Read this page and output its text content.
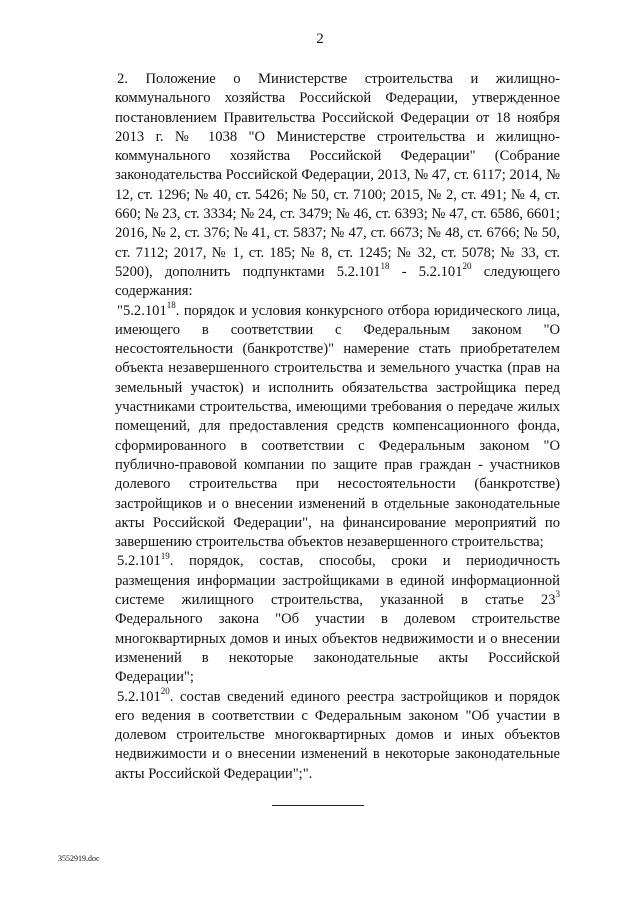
2

2. Положение о Министерстве строительства и жилищно-коммунального хозяйства Российской Федерации, утвержденное постановлением Правительства Российской Федерации от 18 ноября 2013 г. № 1038 "О Министерстве строительства и жилищно-коммунального хозяйства Российской Федерации" (Собрание законодательства Российской Федерации, 2013, № 47, ст. 6117; 2014, № 12, ст. 1296; № 40, ст. 5426; № 50, ст. 7100; 2015, № 2, ст. 491; № 4, ст. 660; № 23, ст. 3334; № 24, ст. 3479; № 46, ст. 6393; № 47, ст. 6586, 6601; 2016, № 2, ст. 376; № 41, ст. 5837; № 47, ст. 6673; № 48, ст. 6766; № 50, ст. 7112; 2017, № 1, ст. 185; № 8, ст. 1245; № 32, ст. 5078; № 33, ст. 5200), дополнить подпунктами 5.2.101$^{18}$ - 5.2.101$^{20}$ следующего содержания:

"5.2.101$^{18}$. порядок и условия конкурсного отбора юридического лица, имеющего в соответствии с Федеральным законом "О несостоятельности (банкротстве)" намерение стать приобретателем объекта незавершенного строительства и земельного участка (прав на земельный участок) и исполнить обязательства застройщика перед участниками строительства, имеющими требования о передаче жилых помещений, для предоставления средств компенсационного фонда, сформированного в соответствии с Федеральным законом "О публично-правовой компании по защите прав граждан - участников долевого строительства при несостоятельности (банкротстве) застройщиков и о внесении изменений в отдельные законодательные акты Российской Федерации", на финансирование мероприятий по завершению строительства объектов незавершенного строительства;

5.2.101$^{19}$. порядок, состав, способы, сроки и периодичность размещения информации застройщиками в единой информационной системе жилищного строительства, указанной в статье $23^3$ Федерального закона "Об участии в долевом строительстве многоквартирных домов и иных объектов недвижимости и о внесении изменений в некоторые законодательные акты Российской Федерации";

5.2.101$^{20}$. состав сведений единого реестра застройщиков и порядок его ведения в соответствии с Федеральным законом "Об участии в долевом строительстве многоквартирных домов и иных объектов недвижимости и о внесении изменений в некоторые законодательные акты Российской Федерации";".

3552919.doc
